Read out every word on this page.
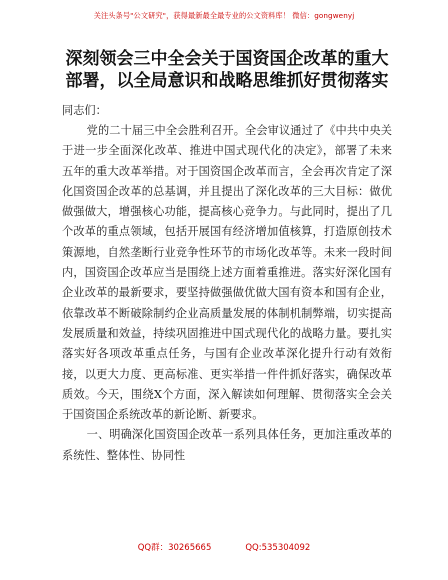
关注头条号"公文研究"，获得最新最全最专业的公文资料库！ 微信：gongwenyj
深刻领会三中全会关于国资国企改革的重大部署，以全局意识和战略思维抓好贯彻落实
同志们：

党的二十届三中全会胜利召开。全会审议通过了《中共中央关于进一步全面深化改革、推进中国式现代化的决定》，部署了未来五年的重大改革举措。对于国资国企改革而言，全会再次肯定了深化国资国企改革的总基调，并且提出了深化改革的三大目标：做优做强做大，增强核心功能，提高核心竞争力。与此同时，提出了几个改革的重点领域，包括开展国有经济增加值核算，打造原创技术策源地，自然垄断行业竞争性环节的市场化改革等。未来一段时间内，国资国企改革应当是围绕上述方面着重推进。落实好深化国有企业改革的最新要求，要坚持做强做优做大国有资本和国有企业，依靠改革不断破除制约企业高质量发展的体制机制弊端，切实提高发展质量和效益，持续巩固推进中国式现代化的战略力量。要扎实落实好各项改革重点任务，与国有企业改革深化提升行动有效衔接，以更大力度、更高标准、更实举措一件件抓好落实，确保改革质效。今天，围绕X个方面，深入解读如何理解、贯彻落实全会关于国资国企系统改革的新论断、新要求。

一、明确深化国资国企改革一系列具体任务，更加注重改革的系统性、整体性、协同性

QQ群：30265665	QQ:535304092
